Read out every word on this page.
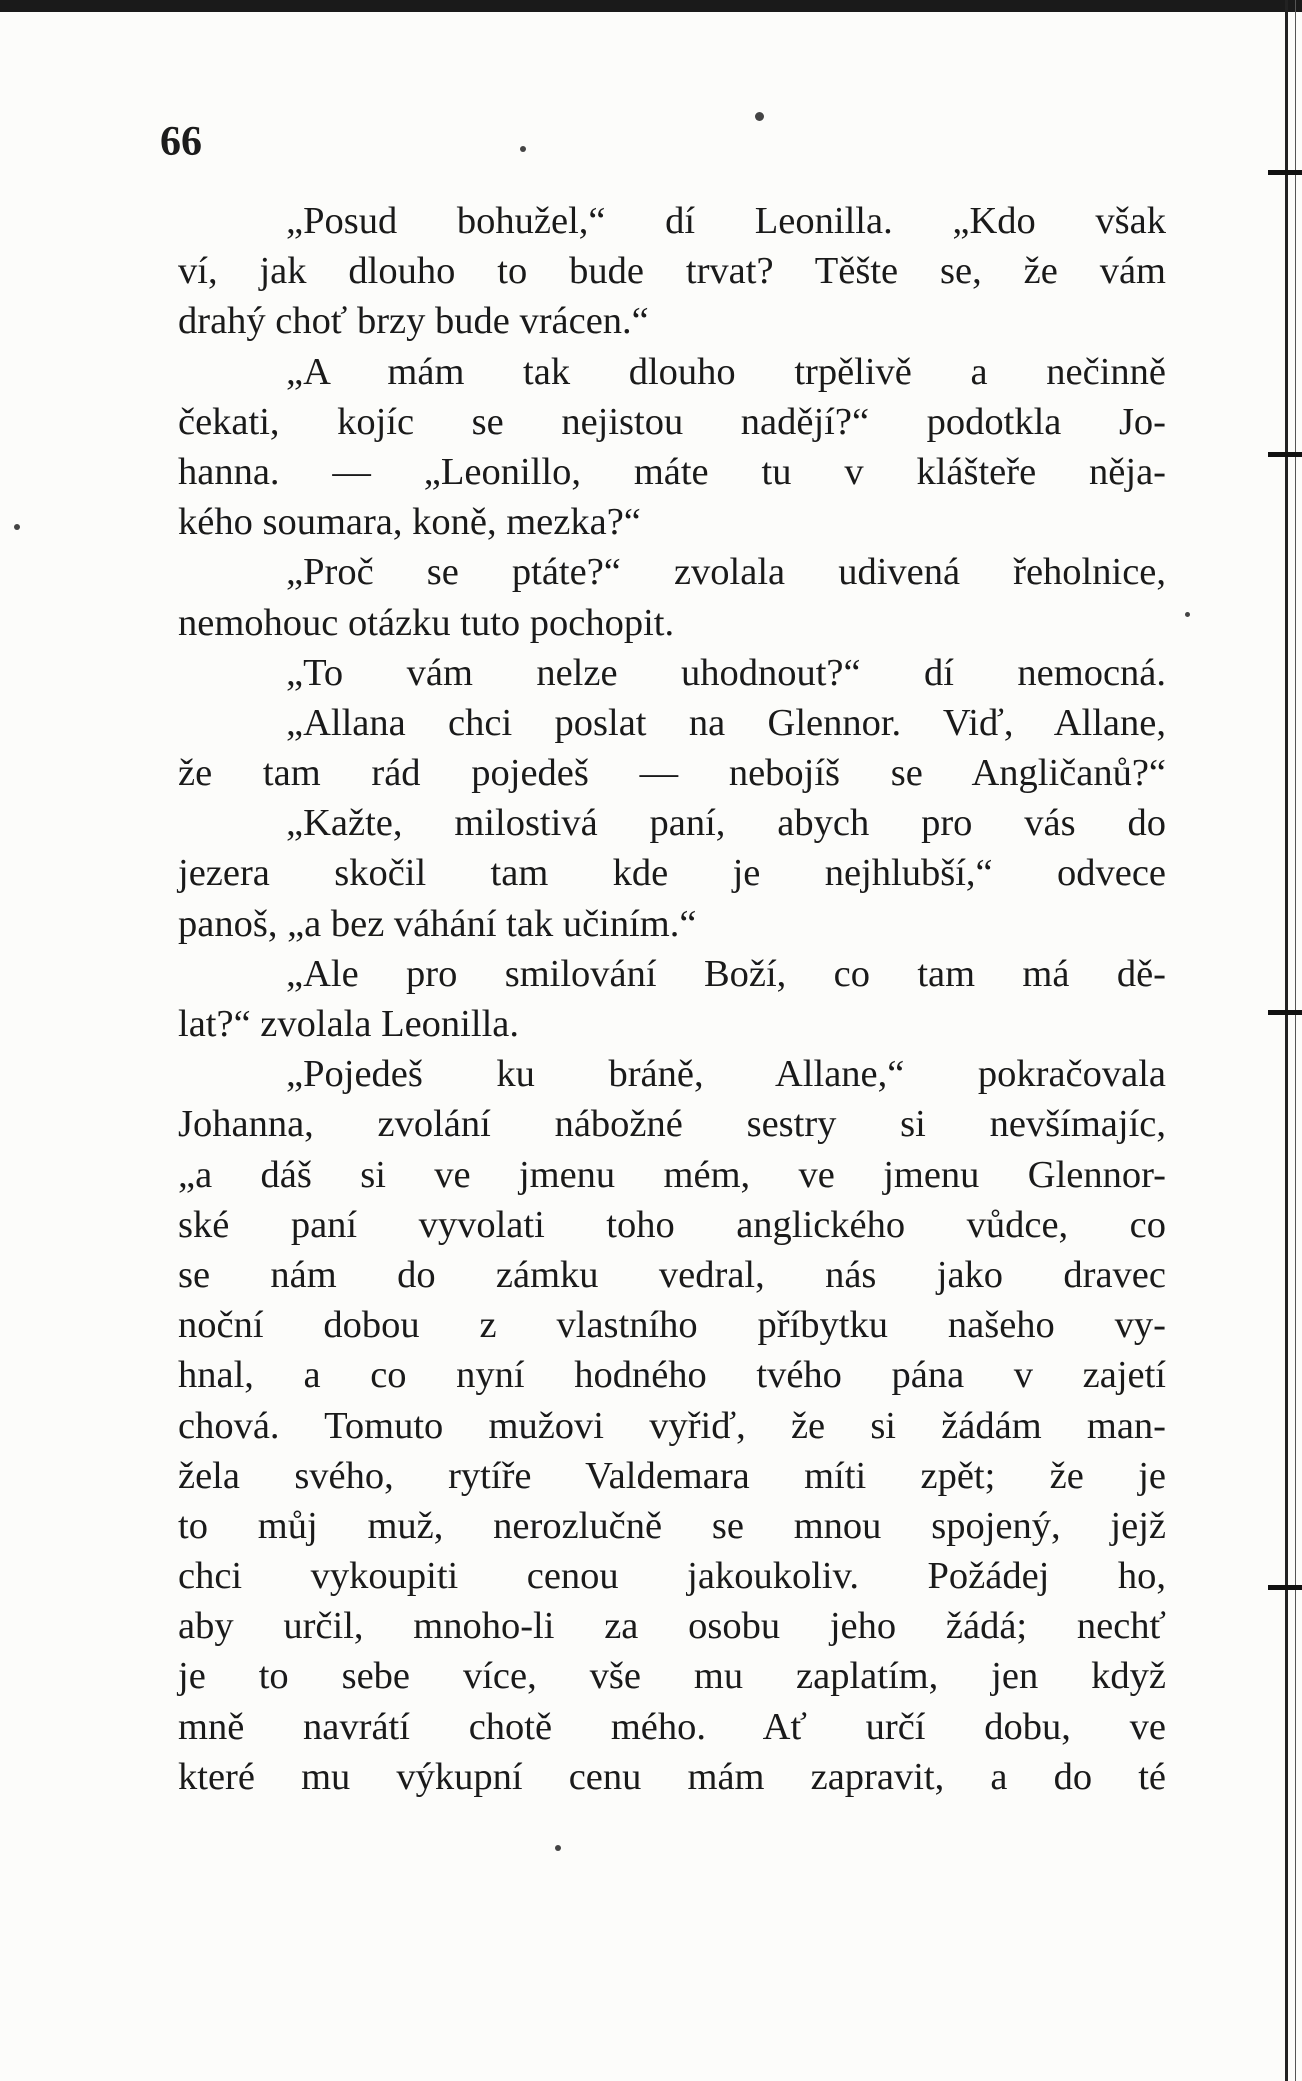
66
„Posud bohužel,“ dí Leonilla. „Kdo však
ví, jak dlouho to bude trvat? Těšte se, že vám
drahý choť brzy bude vrácen.“
„A mám tak dlouho trpělivě a nečinně
čekati, kojíc se nejistou nadějí?“ podotkla Jo-
hanna. — „Leonillo, máte tu v klášteře něja-
kého soumara, koně, mezka?“
„Proč se ptáte?“ zvolala udivená řeholnice,
nemohouc otázku tuto pochopit.
„To vám nelze uhodnout?“ dí nemocná.
„Allana chci poslat na Glennor. Viď, Allane,
že tam rád pojedeš — nebojíš se Angličanů?“
„Kažte, milostivá paní, abych pro vás do
jezera skočil tam kde je nejhlubší,“ odvece
panoš, „a bez váhání tak učiním.“
„Ale pro smilování Boží, co tam má dě-
lat?“ zvolala Leonilla.
„Pojedeš ku bráně, Allane,“ pokračovala
Johanna, zvolání nábožné sestry si nevšímajíc,
„a dáš si ve jmenu mém, ve jmenu Glennor-
ské paní vyvolati toho anglického vůdce, co
se nám do zámku vedral, nás jako dravec
noční dobou z vlastního příbytku našeho vy-
hnal, a co nyní hodného tvého pána v zajetí
chová. Tomuto mužovi vyřiď, že si žádám man-
žela svého, rytíře Valdemara míti zpět; že je
to můj muž, nerozlučně se mnou spojený, jejž
chci vykoupiti cenou jakoukoliv. Požádej ho,
aby určil, mnoho-li za osobu jeho žádá; nechť
je to sebe více, vše mu zaplatím, jen když
mně navrátí chotě mého. Ať určí dobu, ve
které mu výkupní cenu mám zapravit, a do té
